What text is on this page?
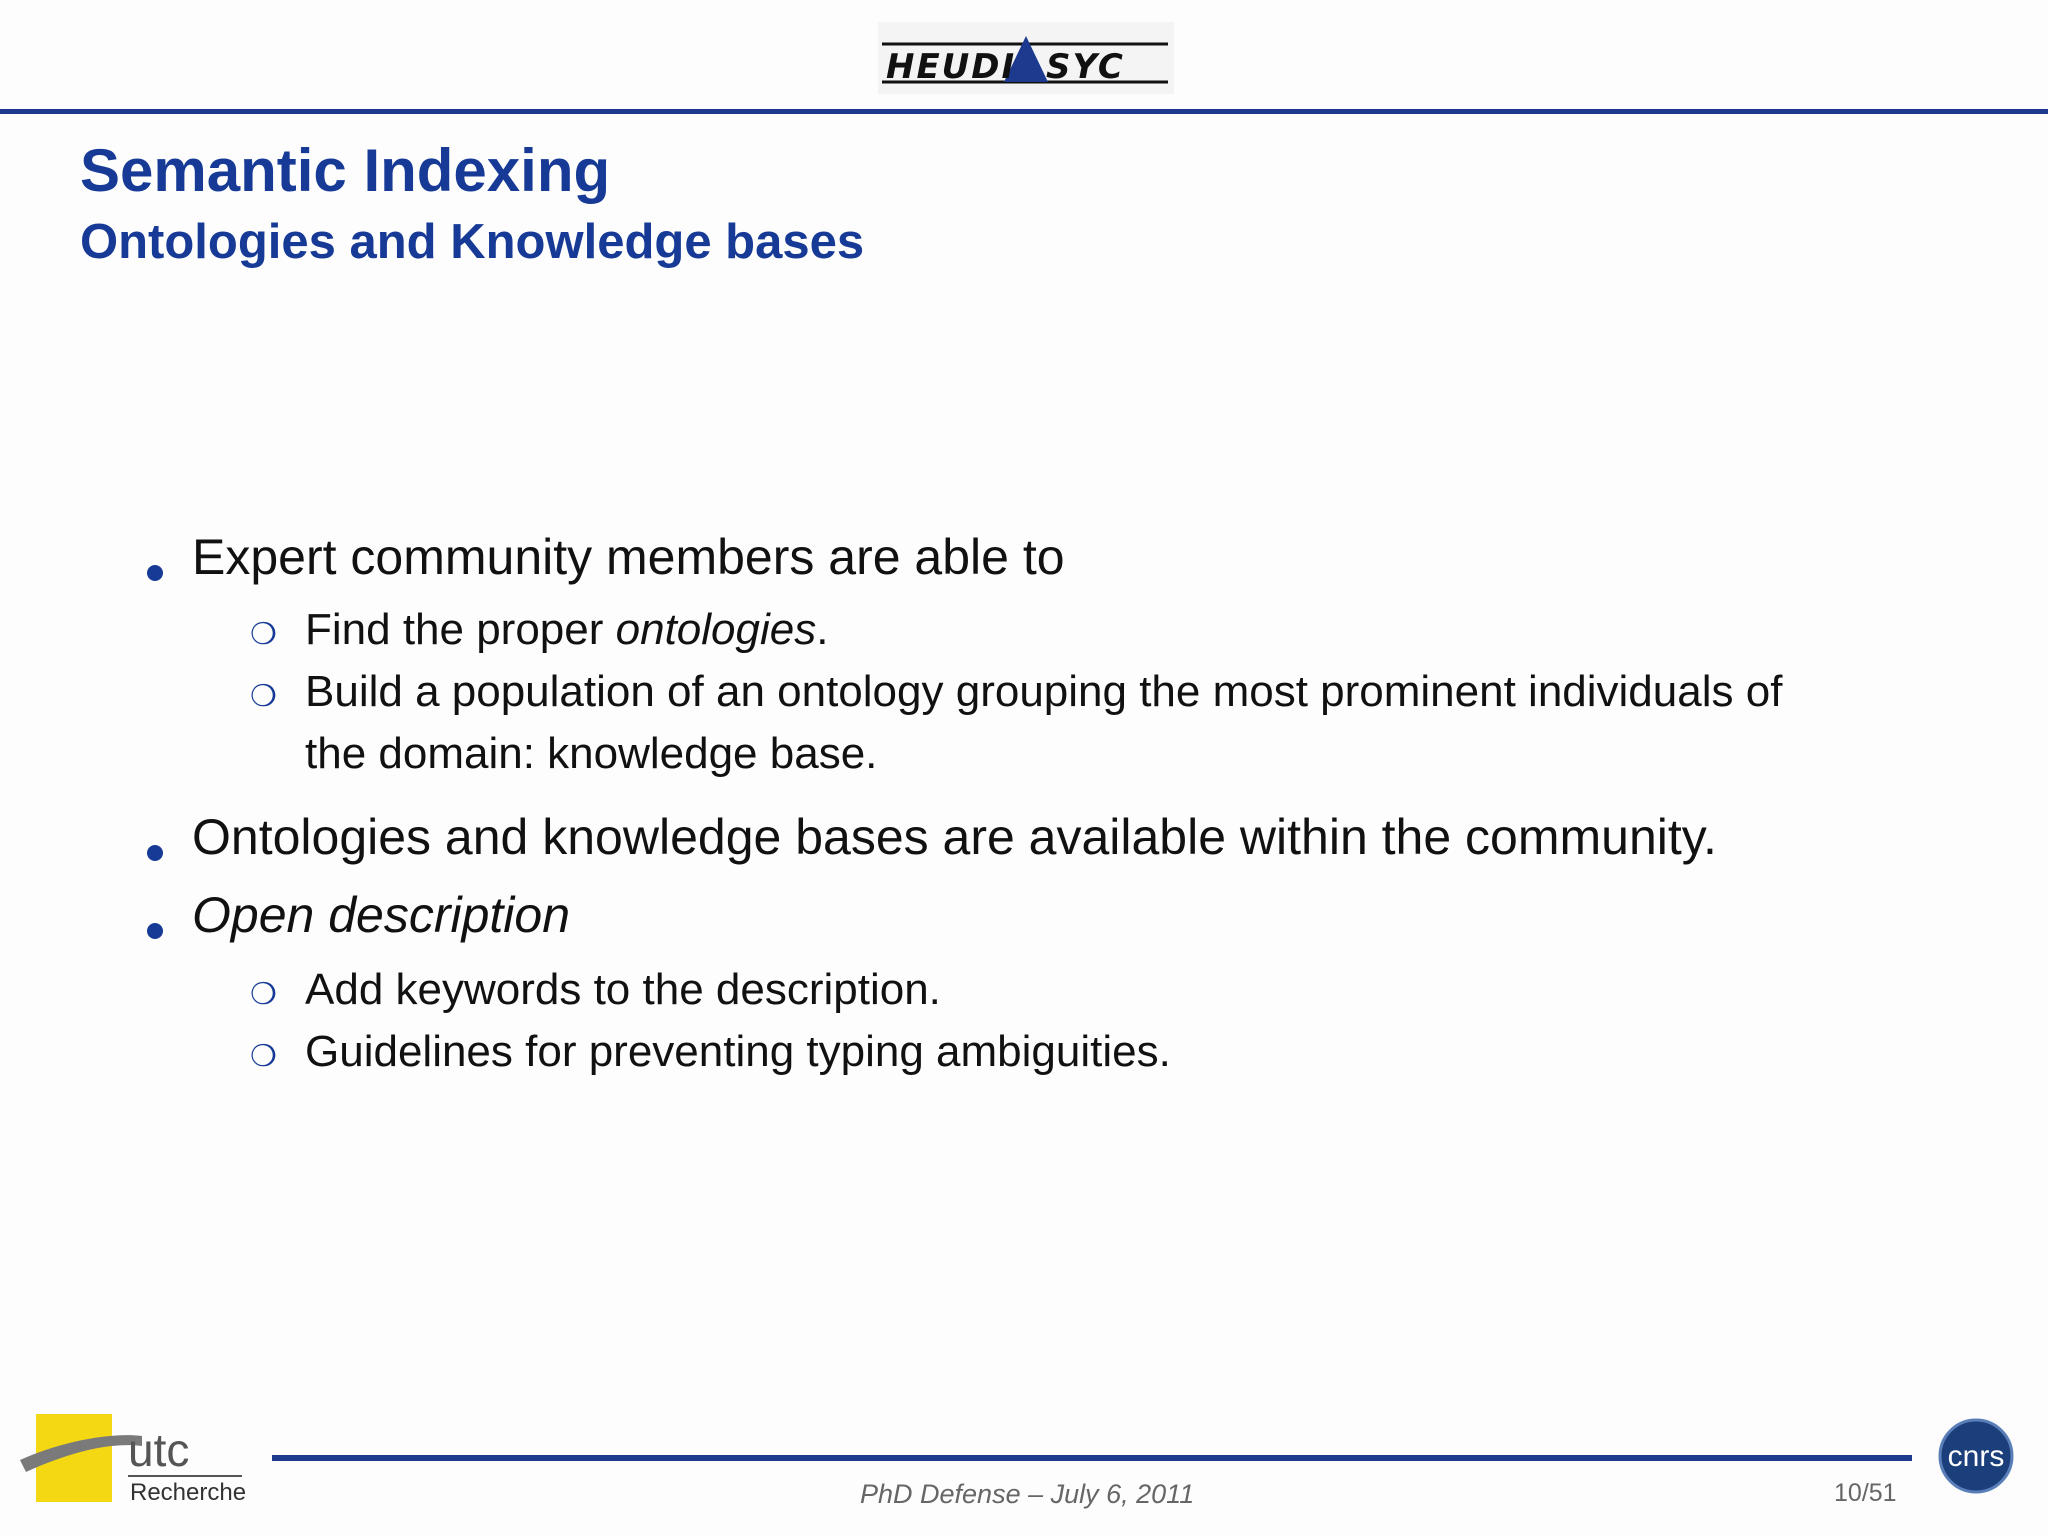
HEUDI SYC
Semantic Indexing
Ontologies and Knowledge bases
Expert community members are able to
❍ Find the proper ontologies.
❍ Build a population of an ontology grouping the most prominent individuals of
the domain: knowledge base.
Ontologies and knowledge bases are available within the community.
Open description
❍ Add keywords to the description.
❍ Guidelines for preventing typing ambiguities.
utc
Recherche	PhD Defense – July 6, 2011	10/51
cnrs
